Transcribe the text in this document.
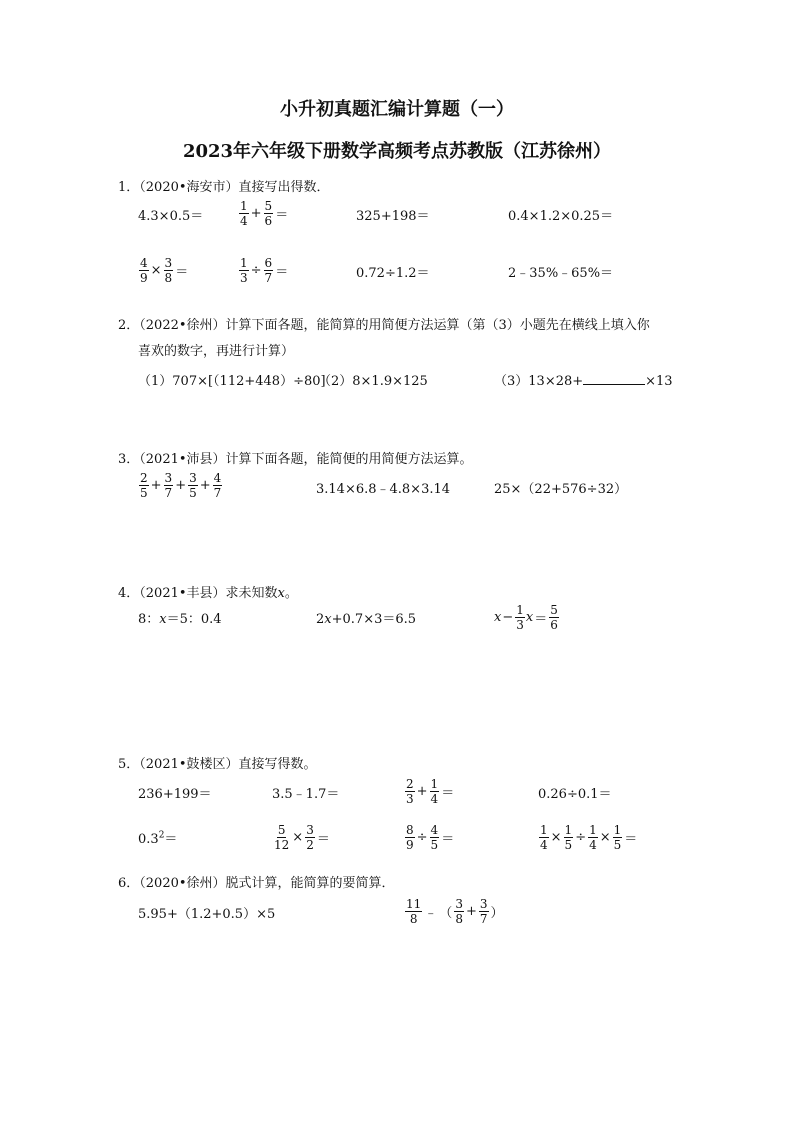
小升初真题汇编计算题（一）
2023年六年级下册数学高频考点苏教版（江苏徐州）
1．（2020•海安市）直接写出得数．
4.3×0.5＝	$\frac{1}{4} + \frac{5}{6}$ ＝	325+198＝	0.4×1.2×0.25＝
$\frac{4}{9} \times \frac{3}{8}$ ＝	$\frac{1}{3} \div \frac{6}{7}$ ＝	0.72÷1.2＝	2﹣35%﹣65%＝
2．（2022•徐州）计算下面各题，能简算的用简便方法运算（第（3）小题先在横线上填入你
喜欢的数字，再进行计算）
（1）707×[（112+448）÷80]
（2）8×1.9×125	（3）13×28+	×13
3．（2021•沛县）计算下面各题，能简便的用简便方法运算。
$\frac{2}{5} + \frac{3}{7} + \frac{3}{5} + \frac{4}{7}$	3.14×6.8﹣4.8×3.14	25×（22+576÷32）
4．（2021•丰县）求未知数x。
8：x＝5：0.4	2x+0.7×3＝6.5	$x- \frac{1}{3} x= \frac{5}{6}$
5．（2021•鼓楼区）直接写得数。
236+199＝	3.5﹣1.7＝	$\frac{2}{3} + \frac{1}{4}$ ＝	0.26÷0.1＝
$0.3^2=$	$\frac{5}{12} \times \frac{3}{2}$ ＝	$\frac{8}{9} \div \frac{4}{5}$ ＝	$\frac{1}{4} \times \frac{1}{5} \div \frac{1}{4} \times \frac{1}{5}$ ＝
6．（2020•徐州）脱式计算，能简算的要简算．
5.95+（1.2+0.5）×5	$\frac{11}{8}$ ﹣ （ $\frac{3}{8} + \frac{3}{7}$ ）
